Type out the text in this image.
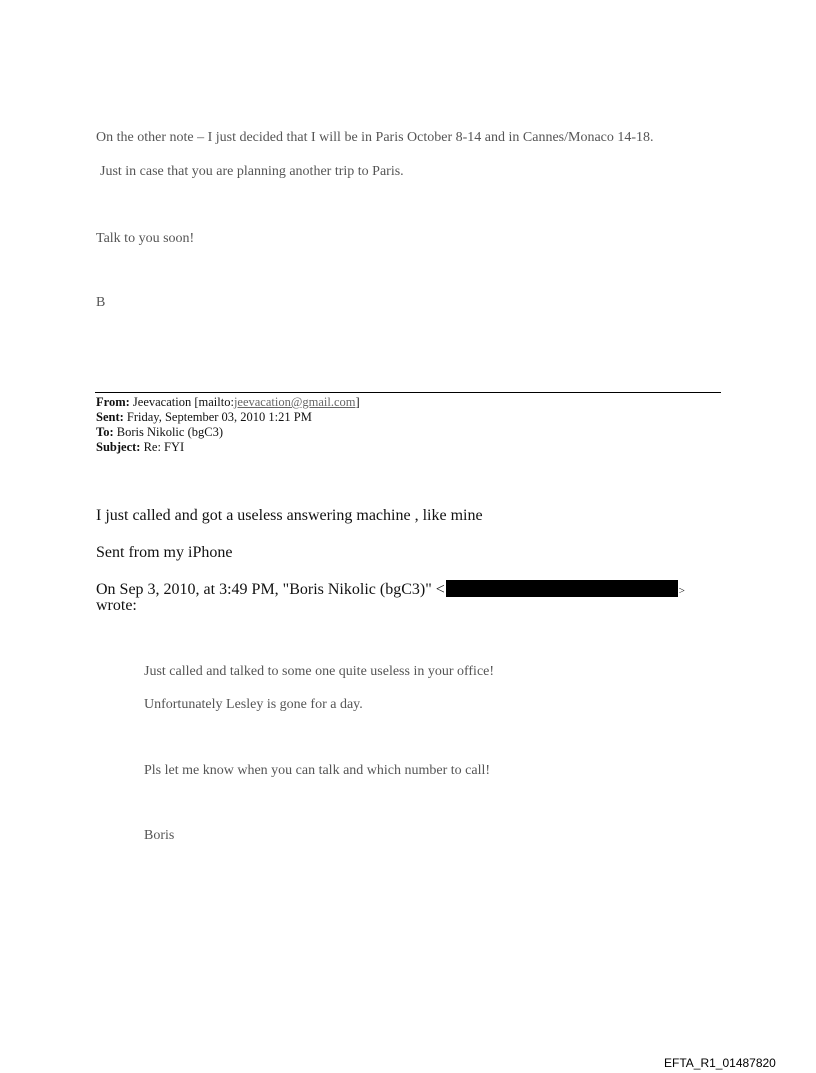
On the other note – I just decided that I will be in Paris October 8-14 and in Cannes/Monaco 14-18.
Just in case that you are planning another trip to Paris.
Talk to you soon!
B
From: Jeevacation [mailto:jeevacation@gmail.com]
Sent: Friday, September 03, 2010 1:21 PM
To: Boris Nikolic (bgC3)
Subject: Re: FYI
I just called and got a useless answering machine , like mine
Sent from my iPhone
On Sep 3, 2010, at 3:49 PM, "Boris Nikolic (bgC3)" <	>
wrote:
Just called and talked to some one quite useless in your office!
Unfortunately Lesley is gone for a day.
Pls let me know when you can talk and which number to call!
Boris
EFTA_R1_01487820
